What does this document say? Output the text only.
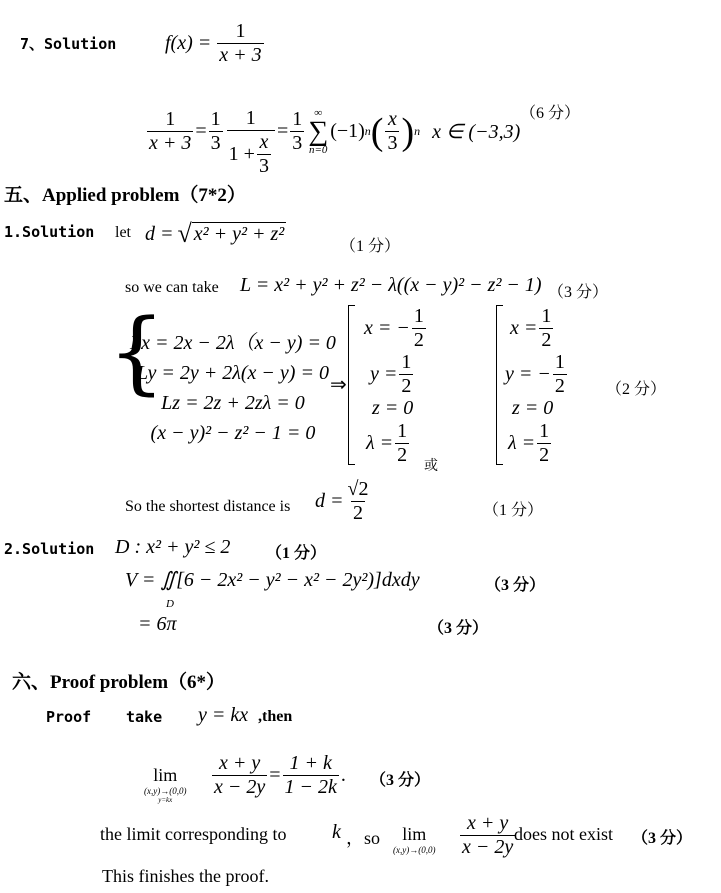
7、Solution $f(x) = \frac{1}{x + 3}$
$\frac{1}{x + 3} = \frac{1}{3} \frac{1}{1 + \frac{x}{3}} = \frac{1}{3}$ ∞
∑
n=0
(−1) n ( $\frac{x}{3}$ ) n x ∈ (−3,3)
（6 分）
五、Applied problem（7*2）
1.Solution let d = √ x² + y² + z²
（1 分）
so we can take L = x² + y² + z² − λ((x − y)² − z² − 1) （3 分）
{
Lx = 2x − 2λ（x − y) = 0
Ly = 2y + 2λ(x − y) = 0
Lz = 2z + 2zλ = 0
(x − y)² − z² − 1 = 0
⇒
x = − $\frac{1}{2}$
$y = \frac{1}{2}$
z = 0
$\lambda = \frac{1}{2}$ 或
$x = \frac{1}{2}$
y = − $\frac{1}{2}$
z = 0
$\lambda = \frac{1}{2}$
（2 分）
So the shortest distance is $d = \frac{√2}{2}$	（1 分）
2.Solution D : x² + y² ≤ 2 （1 分）
V = ∬[6 − 2x² − y² − x² − 2y²)]dxdy
D
（3 分）
= 6π	（3 分）
六、Proof problem（6*）
Proof take y = kx ,then
lim
(x,y)→(0,0)
y=kx
$\frac{x + y}{x - 2y} = \frac{1 + k}{1 - 2k}$ . （3 分）
the limit corresponding to k ，so lim
$(x,y)\to(0,0) \frac{x + y}{x - 2y}$
does not exist （3 分）
This finishes the proof.
